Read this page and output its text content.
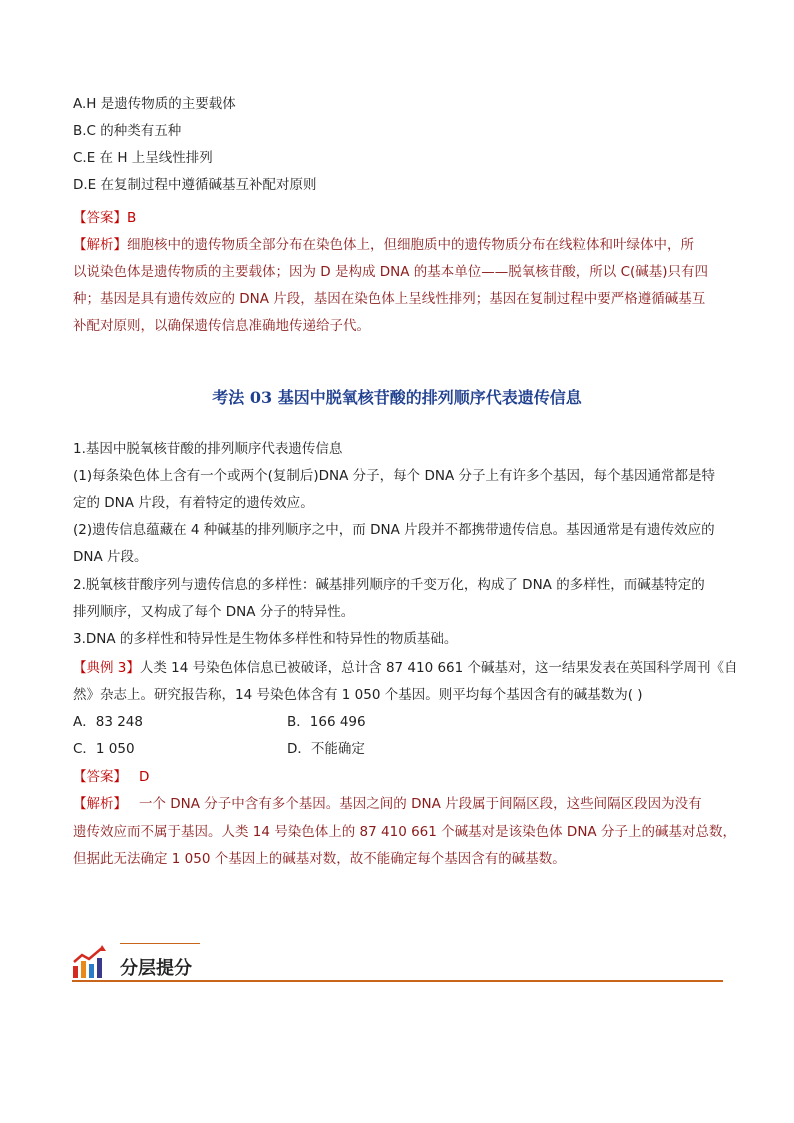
A.H 是遗传物质的主要载体
B.C 的种类有五种
C.E 在 H 上呈线性排列
D.E 在复制过程中遵循碱基互补配对原则
【答案】B
【解析】细胞核中的遗传物质全部分布在染色体上，但细胞质中的遗传物质分布在线粒体和叶绿体中，所
以说染色体是遗传物质的主要载体；因为 D 是构成 DNA 的基本单位——脱氧核苷酸，所以 C(碱基)只有四
种；基因是具有遗传效应的 DNA 片段，基因在染色体上呈线性排列；基因在复制过程中要严格遵循碱基互
补配对原则，以确保遗传信息准确地传递给子代。
考法 03 基因中脱氧核苷酸的排列顺序代表遗传信息
1.基因中脱氧核苷酸的排列顺序代表遗传信息
(1)每条染色体上含有一个或两个(复制后)DNA 分子，每个 DNA 分子上有许多个基因，每个基因通常都是特
定的 DNA 片段，有着特定的遗传效应。
(2)遗传信息蕴藏在 4 种碱基的排列顺序之中，而 DNA 片段并不都携带遗传信息。基因通常是有遗传效应的
DNA 片段。
2.脱氧核苷酸序列与遗传信息的多样性：碱基排列顺序的千变万化，构成了 DNA 的多样性，而碱基特定的
排列顺序，又构成了每个 DNA 分子的特异性。
3.DNA 的多样性和特异性是生物体多样性和特异性的物质基础。
【典例 3】人类 14 号染色体信息已被破译，总计含 87 410 661 个碱基对，这一结果发表在英国科学周刊《自
然》杂志上。研究报告称，14 号染色体含有 1 050 个基因。则平均每个基因含有的碱基数为( )
A．83 248	B．166 496
C．1 050	D．不能确定
【答案】 D
【解析】 一个 DNA 分子中含有多个基因。基因之间的 DNA 片段属于间隔区段，这些间隔区段因为没有
遗传效应而不属于基因。人类 14 号染色体上的 87 410 661 个碱基对是该染色体 DNA 分子上的碱基对总数，
但据此无法确定 1 050 个基因上的碱基对数，故不能确定每个基因含有的碱基数。
分层提分
